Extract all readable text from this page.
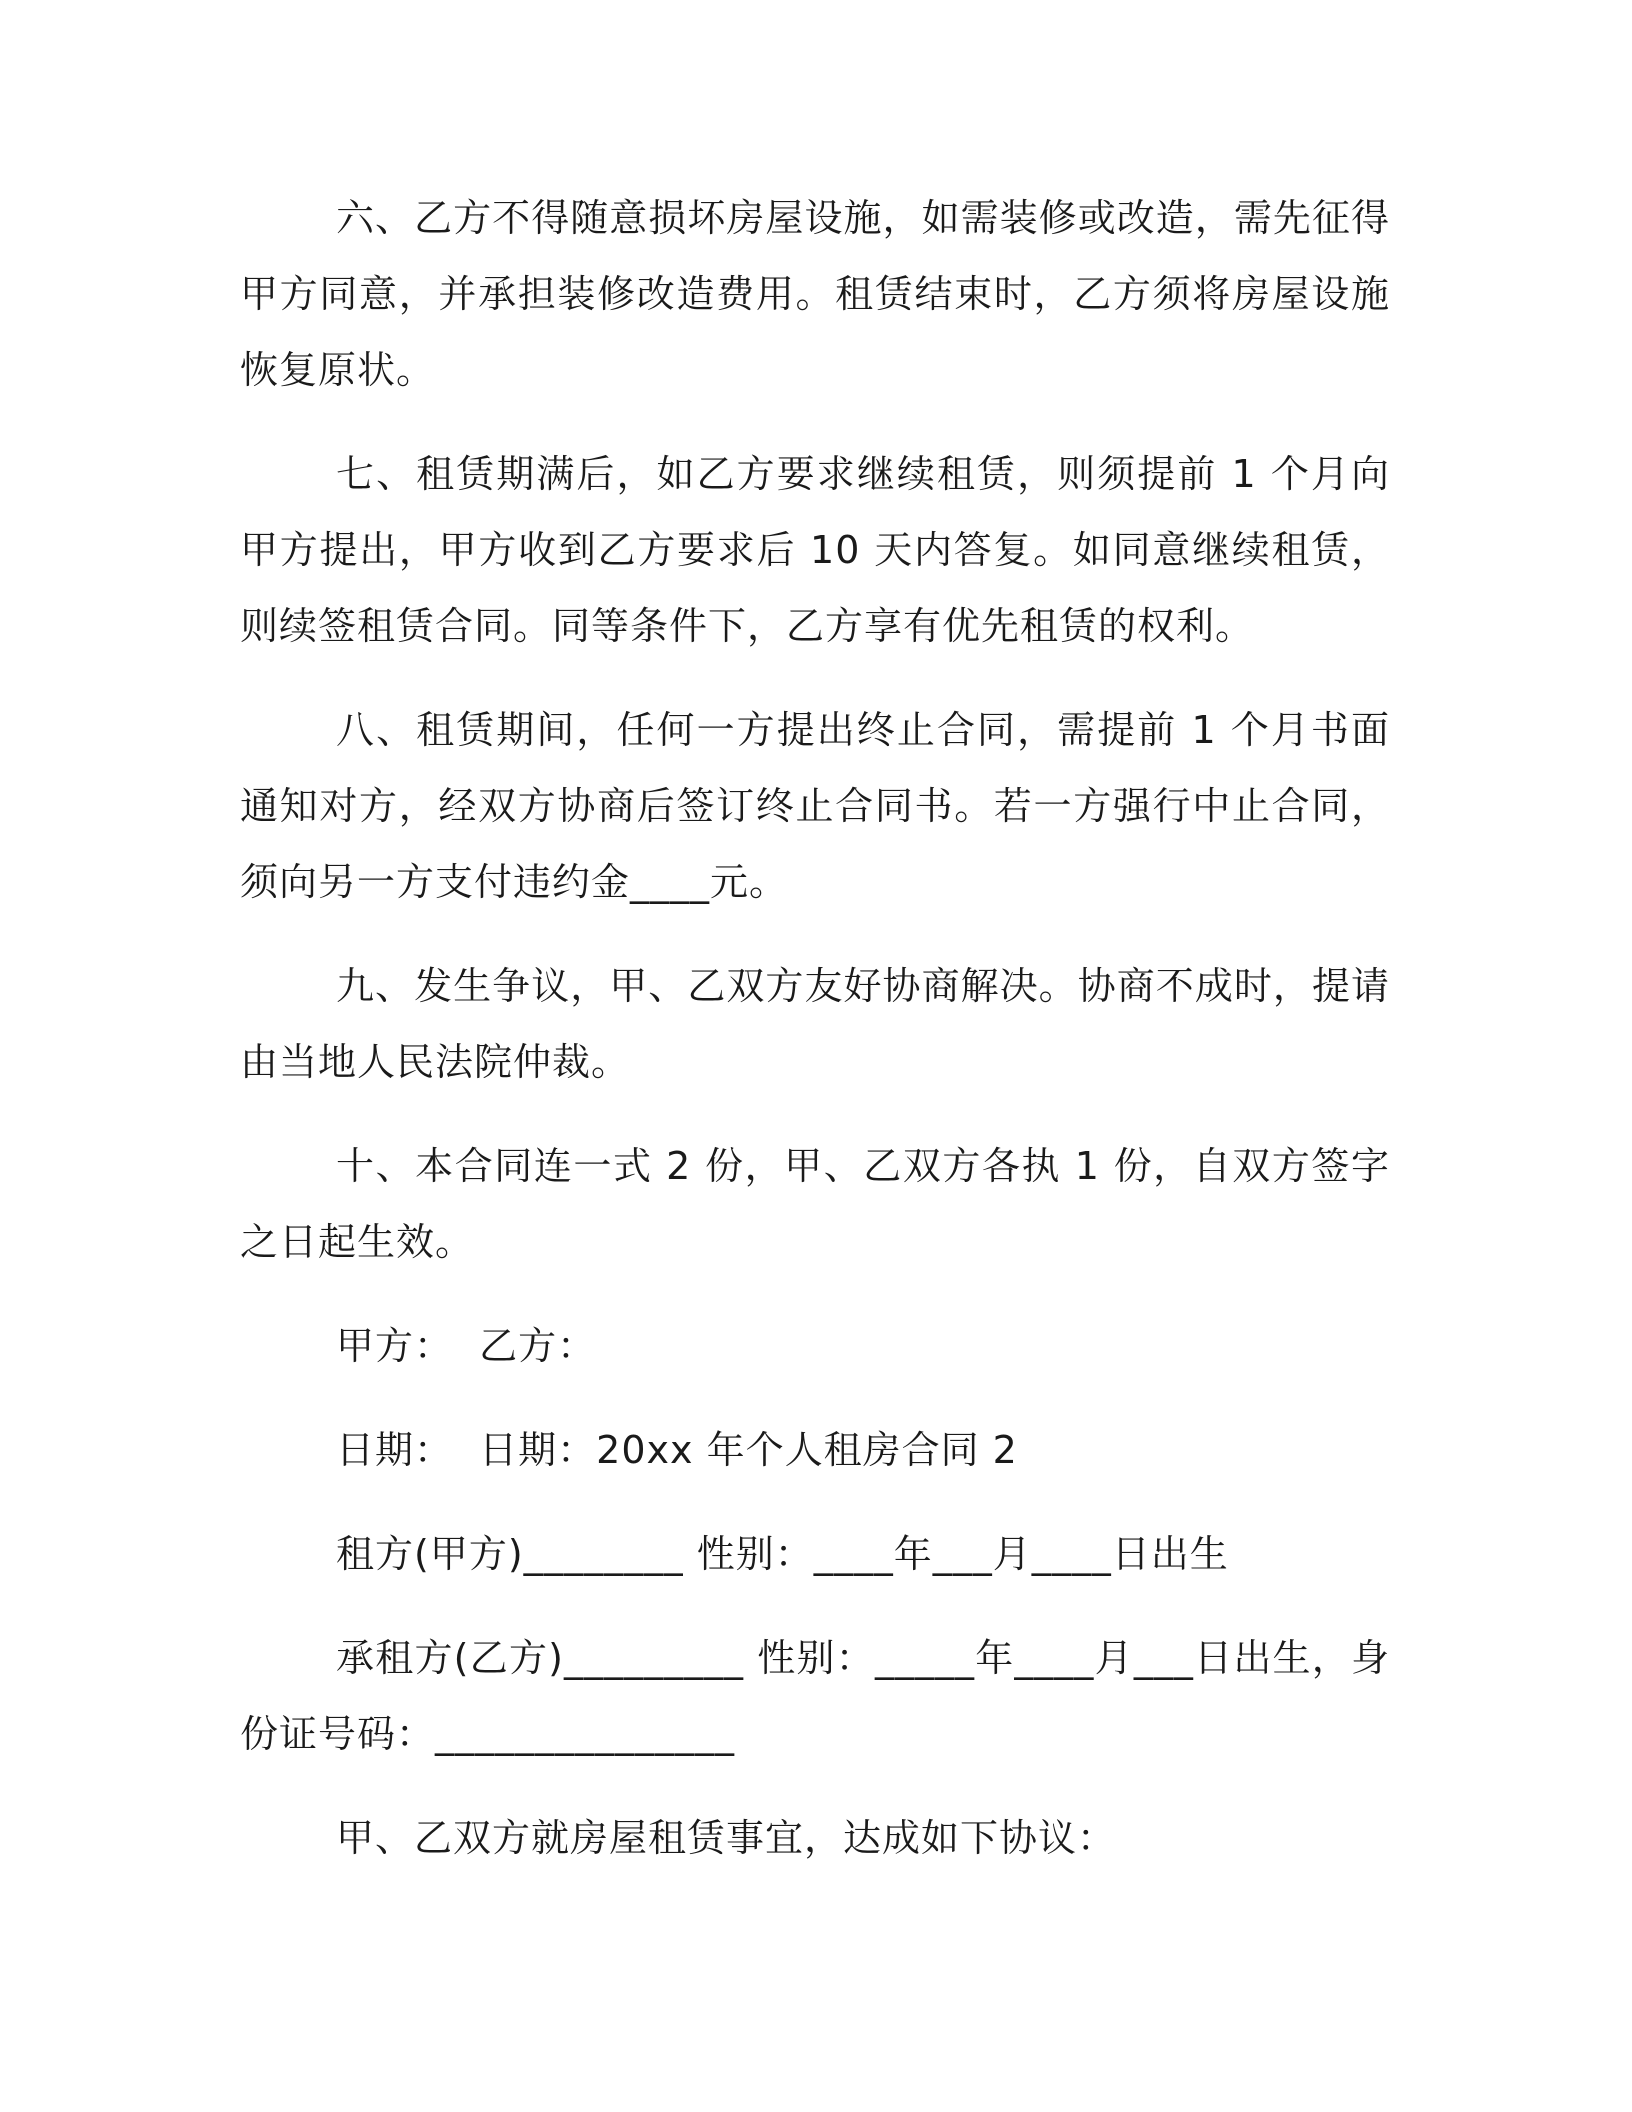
六、乙方不得随意损坏房屋设施，如需装修或改造，需先征得甲方同意，并承担装修改造费用。租赁结束时，乙方须将房屋设施恢复原状。

七、租赁期满后，如乙方要求继续租赁，则须提前 1 个月向甲方提出，甲方收到乙方要求后 10 天内答复。如同意继续租赁，则续签租赁合同。同等条件下，乙方享有优先租赁的权利。

八、租赁期间，任何一方提出终止合同，需提前 1 个月书面通知对方，经双方协商后签订终止合同书。若一方强行中止合同，须向另一方支付违约金____元。

九、发生争议，甲、乙双方友好协商解决。协商不成时，提请由当地人民法院仲裁。

十、本合同连一式 2 份，甲、乙双方各执 1 份，自双方签字之日起生效。

甲方：  乙方：

日期：  日期：20xx 年个人租房合同 2

租方(甲方)________ 性别：____年___月____日出生

承租方(乙方)_________ 性别：_____年____月___日出生，身份证号码：_______________

甲、乙双方就房屋租赁事宜，达成如下协议：
